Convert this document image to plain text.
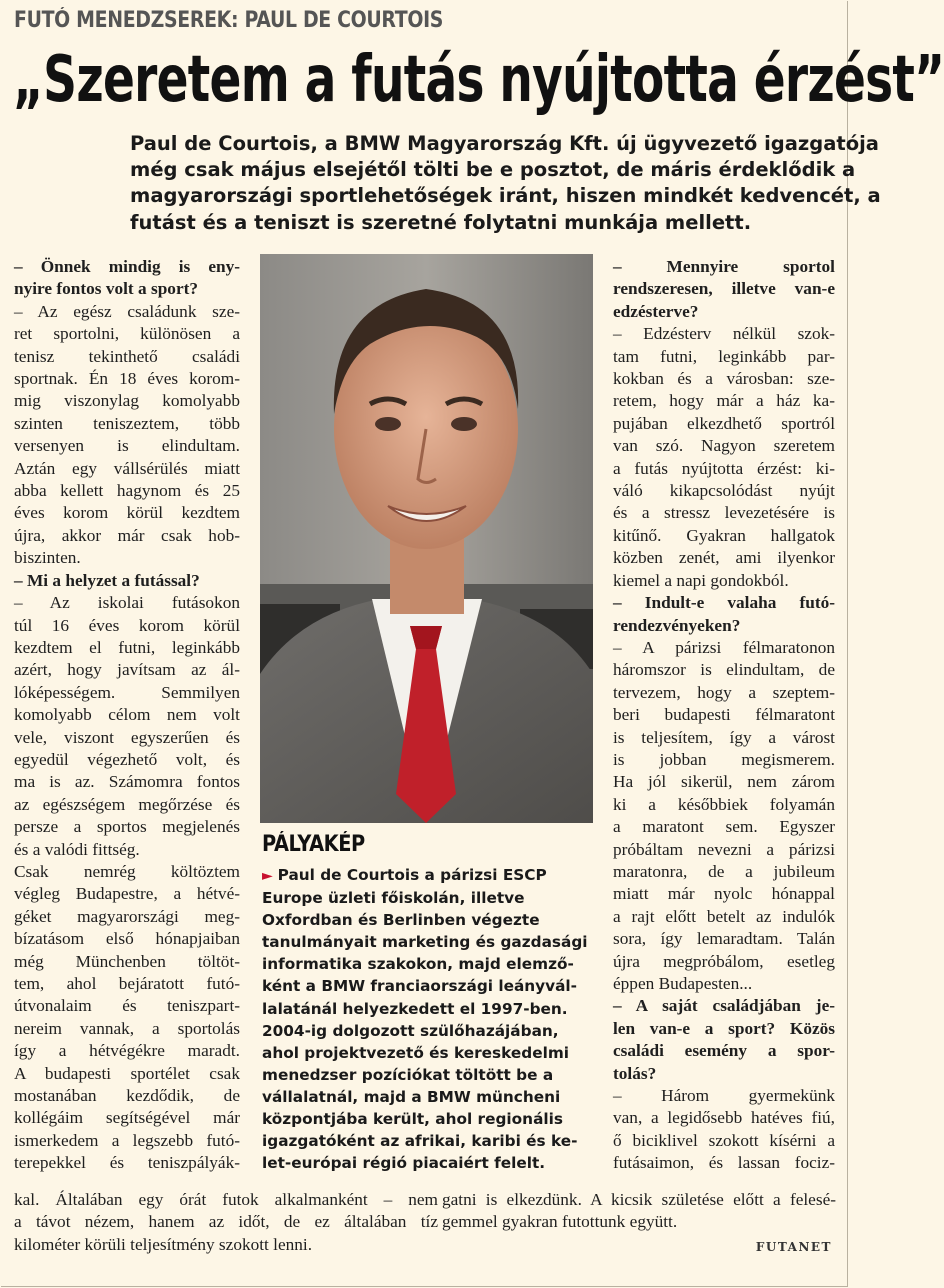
FUTÓ MENEDZSEREK: PAUL DE COURTOIS
„Szeretem a futás nyújtotta érzést”
Paul de Courtois, a BMW Magyarország Kft. új ügyvezető igazgatója
még csak május elsejétől tölti be e posztot, de máris érdeklődik a
magyarországi sportlehetőségek iránt, hiszen mindkét kedvencét, a
futást és a teniszt is szeretné folytatni munkája mellett.
– Önnek mindig is eny-
nyire fontos volt a sport?
– Az egész családunk sze-
ret sportolni, különösen a
tenisz tekinthető családi
sportnak. Én 18 éves korom-
mig viszonylag komolyabb
szinten teniszeztem, több
versenyen is elindultam.
Aztán egy vállsérülés miatt
abba kellett hagynom és 25
éves korom körül kezdtem
újra, akkor már csak hob-
biszinten.
– Mi a helyzet a futással?
– Az iskolai futásokon
túl 16 éves korom körül
kezdtem el futni, leginkább
azért, hogy javítsam az ál-
lóképességem. Semmilyen
komolyabb célom nem volt
vele, viszont egyszerűen és
egyedül végezhető volt, és
ma is az. Számomra fontos
az egészségem megőrzése és
persze a sportos megjelenés
és a valódi fittség.
Csak nemrég költöztem
végleg Budapestre, a hétvé-
géket magyarországi meg-
bízatásom első hónapjaiban
még Münchenben töltöt-
tem, ahol bejáratott futó-
útvonalaim és teniszpart-
nereim vannak, a sportolás
így a hétvégékre maradt.
A budapesti sportélet csak
mostanában kezdődik, de
kollégáim segítségével már
ismerkedem a legszebb futó-
terepekkel és teniszpályák-
PÁLYAKÉP
► Paul de Courtois a párizsi ESCP
Europe üzleti főiskolán, illetve
Oxfordban és Berlinben végezte
tanulmányait marketing és gazdasági
informatika szakokon, majd elemző-
ként a BMW franciaországi leányvál-
lalatánál helyezkedett el 1997-ben.
2004-ig dolgozott szülőhazájában,
ahol projektvezető és kereskedelmi
menedzser pozíciókat töltött be a
vállalatnál, majd a BMW müncheni
központjába került, ahol regionális
igazgatóként az afrikai, karibi és ke-
let-európai régió piacaiért felelt.
– Mennyire sportol
rendszeresen, illetve van-e
edzésterve?
– Edzésterv nélkül szok-
tam futni, leginkább par-
kokban és a városban: sze-
retem, hogy már a ház ka-
pujában elkezdhető sportról
van szó. Nagyon szeretem
a futás nyújtotta érzést: ki-
váló kikapcsolódást nyújt
és a stressz levezetésére is
kitűnő. Gyakran hallgatok
közben zenét, ami ilyenkor
kiemel a napi gondokból.
– Indult-e valaha futó-
rendezvényeken?
– A párizsi félmaratonon
háromszor is elindultam, de
tervezem, hogy a szeptem-
beri budapesti félmaratont
is teljesítem, így a várost
is jobban megismerem.
Ha jól sikerül, nem zárom
ki a későbbiek folyamán
a maratont sem. Egyszer
próbáltam nevezni a párizsi
maratonra, de a jubileum
miatt már nyolc hónappal
a rajt előtt betelt az indulók
sora, így lemaradtam. Talán
újra megpróbálom, esetleg
éppen Budapesten...
– A saját családjában je-
len van-e a sport? Közös
családi esemény a spor-
tolás?
– Három gyermekünk
van, a legidősebb hatéves fiú,
ő biciklivel szokott kísérni a
futásaimon, és lassan fociz-
kal. Általában egy órát futok alkalmanként – nem
a távot nézem, hanem az időt, de ez általában tíz
kilométer körüli teljesítmény szokott lenni.
gatni is elkezdünk. A kicsik születése előtt a felesé-
gemmel gyakran futottunk együtt.
FUTANET
